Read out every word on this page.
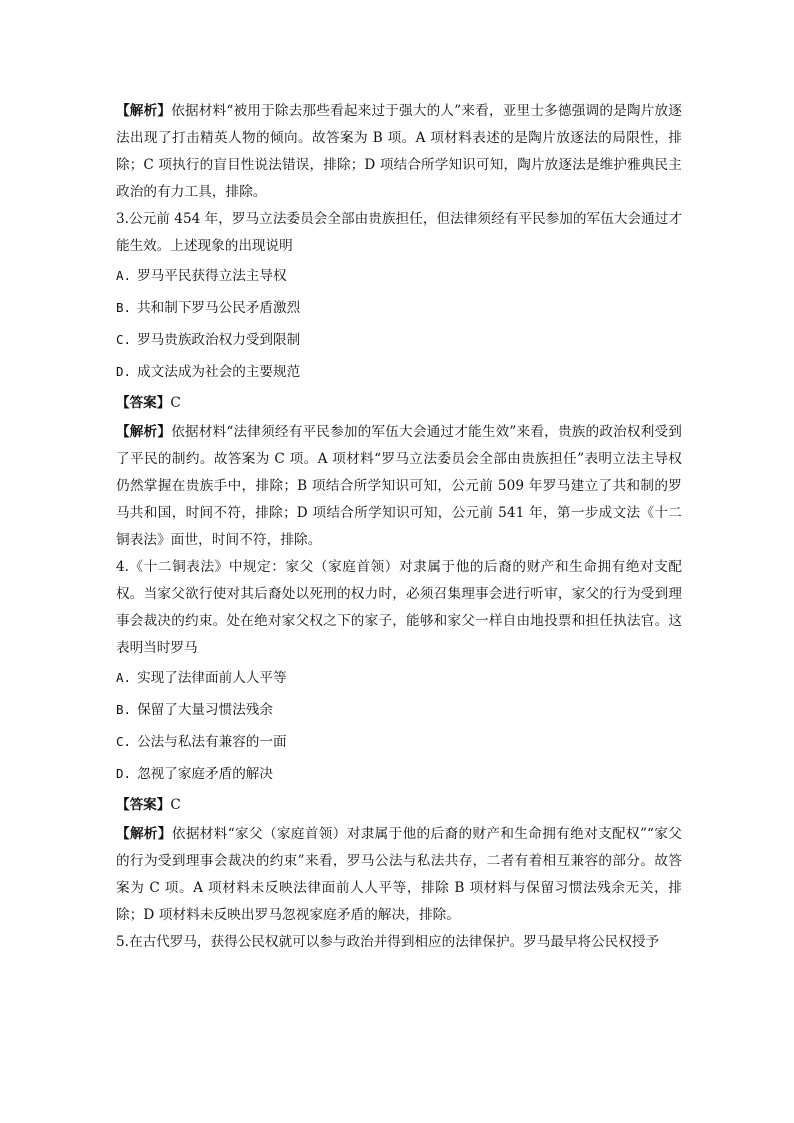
【解析】依据材料“被用于除去那些看起来过于强大的人”来看，亚里士多德强调的是陶片放逐法出现了打击精英人物的倾向。故答案为 B 项。A 项材料表述的是陶片放逐法的局限性，排除；C 项执行的盲目性说法错误，排除；D 项结合所学知识可知，陶片放逐法是维护雅典民主政治的有力工具，排除。

3.公元前 454 年，罗马立法委员会全部由贵族担任，但法律须经有平民参加的军伍大会通过才能生效。上述现象的出现说明

A. 罗马平民获得立法主导权

B. 共和制下罗马公民矛盾激烈

C. 罗马贵族政治权力受到限制

D. 成文法成为社会的主要规范

【答案】C

【解析】依据材料“法律须经有平民参加的军伍大会通过才能生效”来看，贵族的政治权利受到了平民的制约。故答案为 C 项。A 项材料“罗马立法委员会全部由贵族担任”表明立法主导权仍然掌握在贵族手中，排除；B 项结合所学知识可知，公元前 509 年罗马建立了共和制的罗马共和国，时间不符，排除；D 项结合所学知识可知，公元前 541 年，第一步成文法《十二铜表法》面世，时间不符，排除。

4.《十二铜表法》中规定：家父（家庭首领）对隶属于他的后裔的财产和生命拥有绝对支配权。当家父欲行使对其后裔处以死刑的权力时，必须召集理事会进行听审，家父的行为受到理事会裁决的约束。处在绝对家父权之下的家子，能够和家父一样自由地投票和担任执法官。这表明当时罗马

A. 实现了法律面前人人平等

B. 保留了大量习惯法残余

C. 公法与私法有兼容的一面

D. 忽视了家庭矛盾的解决

【答案】C

【解析】依据材料“家父（家庭首领）对隶属于他的后裔的财产和生命拥有绝对支配权”“家父的行为受到理事会裁决的约束”来看，罗马公法与私法共存，二者有着相互兼容的部分。故答案为 C 项。A 项材料未反映法律面前人人平等，排除 B 项材料与保留习惯法残余无关，排除；D 项材料未反映出罗马忽视家庭矛盾的解决，排除。

5.在古代罗马，获得公民权就可以参与政治并得到相应的法律保护。罗马最早将公民权授予
